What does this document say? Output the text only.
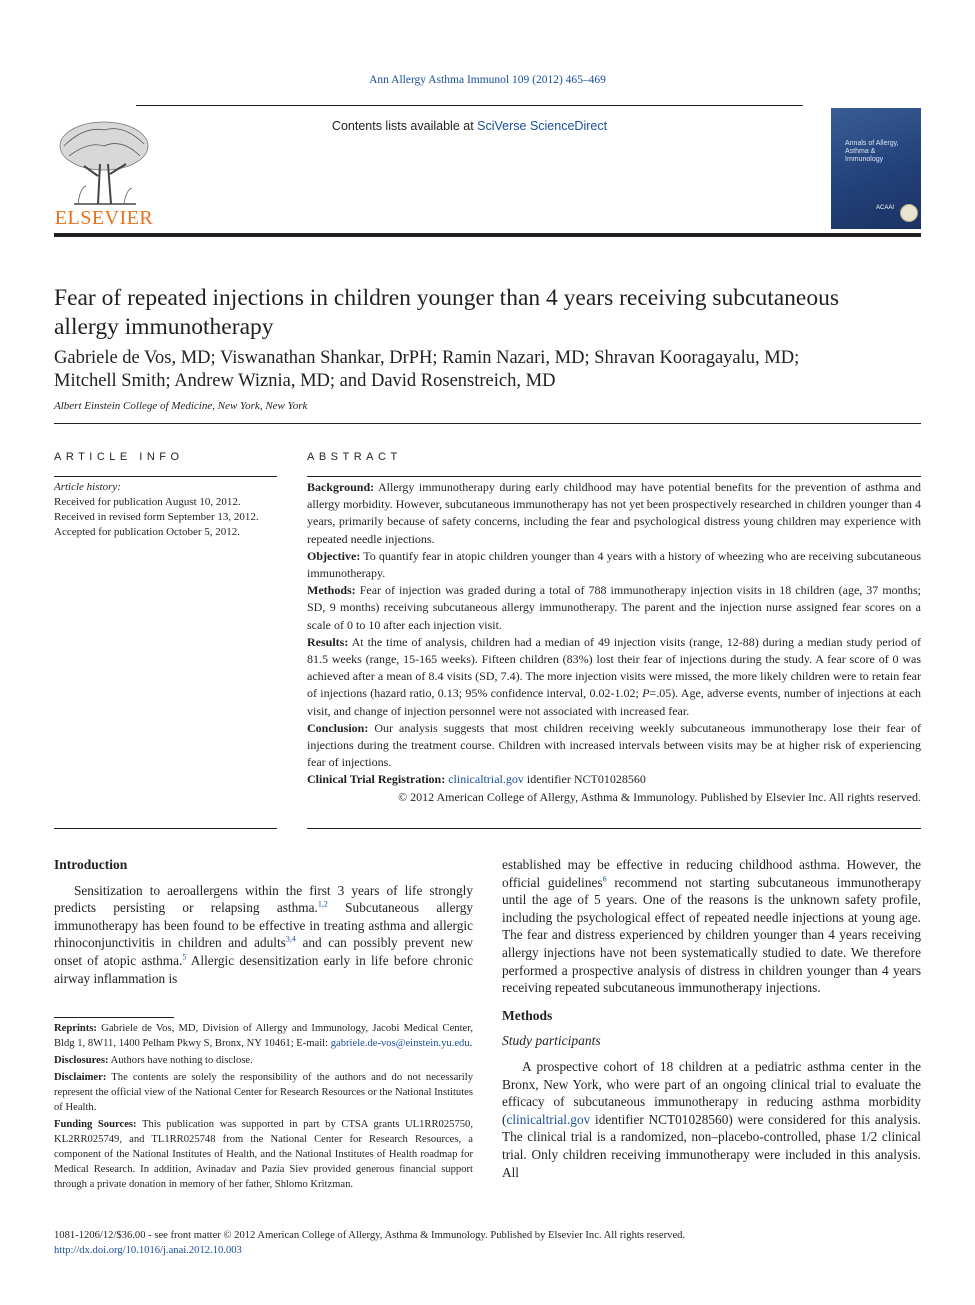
Ann Allergy Asthma Immunol 109 (2012) 465–469
Contents lists available at SciVerse ScienceDirect
ELSEVIER
Annals of Allergy, Asthma & Immunology
ACAAI
Fear of repeated injections in children younger than 4 years receiving subcutaneous allergy immunotherapy
Gabriele de Vos, MD; Viswanathan Shankar, DrPH; Ramin Nazari, MD; Shravan Kooragayalu, MD;
Mitchell Smith; Andrew Wiznia, MD; and David Rosenstreich, MD
Albert Einstein College of Medicine, New York, New York
ARTICLE INFO
Article history:
Received for publication August 10, 2012.
Received in revised form September 13, 2012.
Accepted for publication October 5, 2012.
ABSTRACT

Background: Allergy immunotherapy during early childhood may have potential benefits for the prevention of asthma and allergy morbidity. However, subcutaneous immunotherapy has not yet been prospectively researched in children younger than 4 years, primarily because of safety concerns, including the fear and psychological distress young children may experience with repeated needle injections.

Objective: To quantify fear in atopic children younger than 4 years with a history of wheezing who are receiving subcutaneous immunotherapy.

Methods: Fear of injection was graded during a total of 788 immunotherapy injection visits in 18 children (age, 37 months; SD, 9 months) receiving subcutaneous allergy immunotherapy. The parent and the injection nurse assigned fear scores on a scale of 0 to 10 after each injection visit.

Results: At the time of analysis, children had a median of 49 injection visits (range, 12-88) during a median study period of 81.5 weeks (range, 15-165 weeks). Fifteen children (83%) lost their fear of injections during the study. A fear score of 0 was achieved after a mean of 8.4 visits (SD, 7.4). The more injection visits were missed, the more likely children were to retain fear of injections (hazard ratio, 0.13; 95% confidence interval, 0.02-1.02; P=.05). Age, adverse events, number of injections at each visit, and change of injection personnel were not associated with increased fear.

Conclusion: Our analysis suggests that most children receiving weekly subcutaneous immunotherapy lose their fear of injections during the treatment course. Children with increased intervals between visits may be at higher risk of experiencing fear of injections.

Clinical Trial Registration: clinicaltrial.gov identifier NCT01028560

© 2012 American College of Allergy, Asthma & Immunology. Published by Elsevier Inc. All rights reserved.

Introduction

Sensitization to aeroallergens within the first 3 years of life strongly predicts persisting or relapsing asthma.$^{1,2}$ Subcutaneous allergy immunotherapy has been found to be effective in treating asthma and allergic rhinoconjunctivitis in children and adults$^{3,4}$ and can possibly prevent new onset of atopic asthma.$^5$ Allergic desensitization early in life before chronic airway inflammation is

Reprints: Gabriele de Vos, MD, Division of Allergy and Immunology, Jacobi Medical Center, Bldg 1, 8W11, 1400 Pelham Pkwy S, Bronx, NY 10461; E-mail: gabriele.de-vos@einstein.yu.edu.

Disclosures: Authors have nothing to disclose.

Disclaimer: The contents are solely the responsibility of the authors and do not necessarily represent the official view of the National Center for Research Resources or the National Institutes of Health.

Funding Sources: This publication was supported in part by CTSA grants UL1RR025750, KL2RR025749, and TL1RR025748 from the National Center for Research Resources, a component of the National Institutes of Health, and the National Institutes of Health roadmap for Medical Research. In addition, Avinadav and Pazia Siev provided generous financial support through a private donation in memory of her father, Shlomo Kritzman.

established may be effective in reducing childhood asthma. However, the official guidelines$^6$ recommend not starting subcutaneous immunotherapy until the age of 5 years. One of the reasons is the unknown safety profile, including the psychological effect of repeated needle injections at young age. The fear and distress experienced by children younger than 4 years receiving allergy injections have not been systematically studied to date. We therefore performed a prospective analysis of distress in children younger than 4 years receiving repeated subcutaneous immunotherapy injections.

Methods

Study participants

A prospective cohort of 18 children at a pediatric asthma center in the Bronx, New York, who were part of an ongoing clinical trial to evaluate the efficacy of subcutaneous immunotherapy in reducing asthma morbidity (clinicaltrial.gov identifier NCT01028560) were considered for this analysis. The clinical trial is a randomized, non–placebo-controlled, phase 1/2 clinical trial. Only children receiving immunotherapy were included in this analysis. All

1081-1206/12/$36.00 - see front matter © 2012 American College of Allergy, Asthma & Immunology. Published by Elsevier Inc. All rights reserved.
http://dx.doi.org/10.1016/j.anai.2012.10.003
